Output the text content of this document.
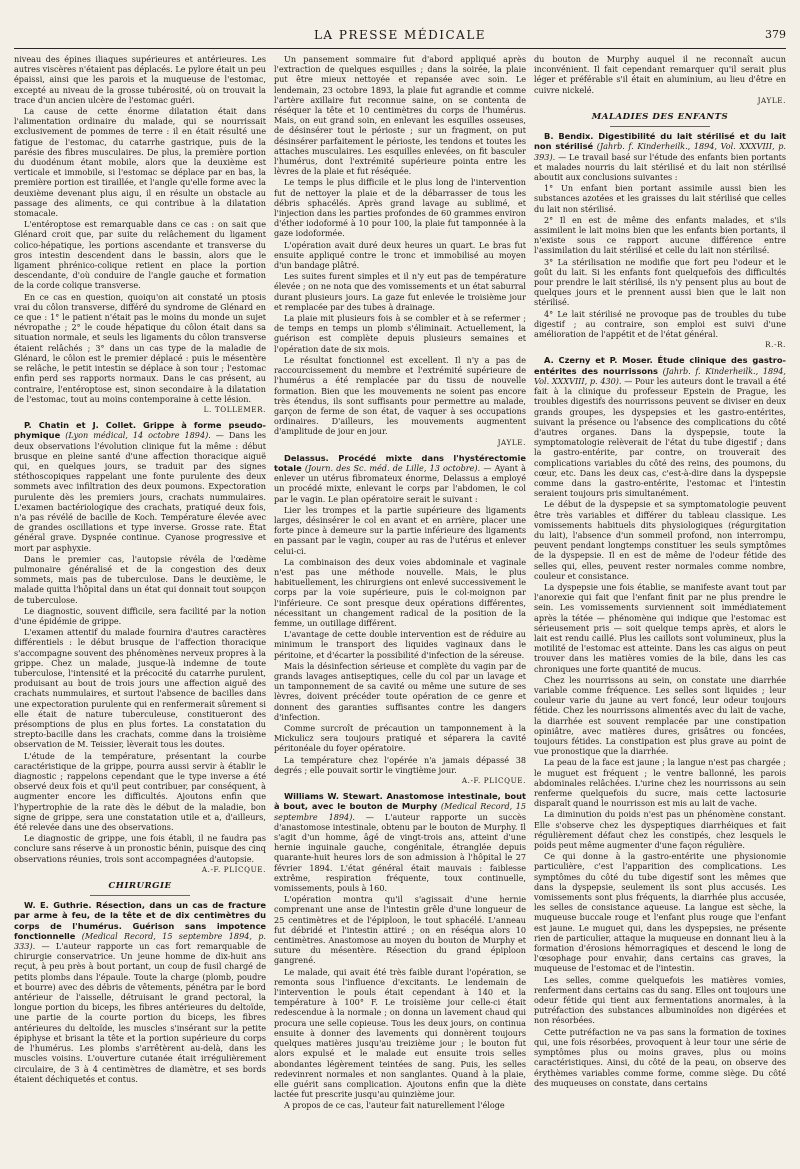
LA PRESSE MÉDICALE	379

niveau des épines iliaques supérieures et antérieures. Les autres viscères n'étaient pas déplacés. Le pylore était un peu épaissi, ainsi que les parois et la muqueuse de l'estomac, excepté au niveau de la grosse tubérosité, où on trouvait la trace d'un ancien ulcère de l'estomac guéri.

La cause de cette énorme dilatation était dans l'alimentation ordinaire du malade, qui se nourrissait exclusivement de pommes de terre : il en était résulté une fatigue de l'estomac, du catarrhe gastrique, puis de la parésie des fibres musculaires. De plus, la première portion du duodénum étant mobile, alors que la deuxième est verticale et immobile, si l'estomac se déplace par en bas, la première portion est tiraillée, et l'angle qu'elle forme avec la deuxième devenant plus aigu, il en résulte un obstacle au passage des aliments, ce qui contribue à la dilatation stomacale.

L'entéroptose est remarquable dans ce cas : on sait que Glénard croit que, par suite du relâchement du ligament colico-hépatique, les portions ascendante et transverse du gros intestin descendent dans le bassin, alors que le ligament phrénico-colique retient en place la portion descendante, d'où conduire de l'angle gauche et formation de la corde colique transverse.

En ce cas en question, quoiqu'on ait constaté un ptosis vrai du côlon transverse, différé du syndrome de Glénard en ce que : 1° le patient n'était pas le moins du monde un sujet névropathe ; 2° le coude hépatique du côlon était dans sa situation normale, et seuls les ligaments du côlon transverse étaient relâchés ; 3° dans un cas type de la maladie de Glénard, le côlon est le premier déplacé : puis le mésentère se relâche, le petit intestin se déplace à son tour ; l'estomac enfin perd ses rapports normaux. Dans le cas présent, au contraire, l'entéroptose est, sinon secondaire à la dilatation de l'estomac, tout au moins contemporaine à cette lésion.

L. TOLLEMER.

P. Chatin et J. Collet. Grippe à forme pseudo-phymique (Lyon médical, 14 octobre 1894). — Dans les deux observations l'évolution clinique fut la même : début brusque en pleine santé d'une affection thoracique aiguë qui, en quelques jours, se traduit par des signes stéthoscopiques rappelant une fonte purulente des deux sommets avec infiltration des deux poumons. Expectoration purulente dès les premiers jours, crachats nummulaires. L'examen bactériologique des crachats, pratiqué deux fois, n'a pas révélé de bacille de Koch. Température élevée avec de grandes oscillations et type inverse. Grosse rate. État général grave. Dyspnée continue. Cyanose progressive et mort par asphyxie.

Dans le premier cas, l'autopsie révéla de l'œdème pulmonaire généralisé et de la congestion des deux sommets, mais pas de tuberculose. Dans le deuxième, le malade quitta l'hôpital dans un état qui donnait tout soupçon de tuberculose.

Le diagnostic, souvent difficile, sera facilité par la notion d'une épidémie de grippe.

L'examen attentif du malade fournira d'autres caractères différentiels : le début brusque de l'affection thoracique s'accompagne souvent des phénomènes nerveux propres à la grippe. Chez un malade, jusque-là indemne de toute tuberculose, l'intensité et la précocité du catarrhe purulent, produisant au bout de trois jours une affection aiguë des crachats nummulaires, et surtout l'absence de bacilles dans une expectoration purulente qui en renfermerait sûrement si elle était de nature tuberculeuse, constitueront des présomptions de plus en plus fortes. La constatation du strepto-bacille dans les crachats, comme dans la troisième observation de M. Teissier, lèverait tous les doutes.

L'étude de la température, présentant la courbe caractéristique de la grippe, pourra aussi servir à établir le diagnostic ; rappelons cependant que le type inverse a été observé deux fois et qu'il peut contribuer, par conséquent, à augmenter encore les difficultés. Ajoutons enfin que l'hypertrophie de la rate dès le début de la maladie, bon signe de grippe, sera une constatation utile et a, d'ailleurs, été relevée dans une des observations.

Le diagnostic de grippe, une fois établi, il ne faudra pas conclure sans réserve à un pronostic bénin, puisque des cinq observations réunies, trois sont accompagnées d'autopsie.

A.-F. PLICQUE.
CHIRURGIE

W. E. Guthrie. Résection, dans un cas de fracture par arme à feu, de la tête et de dix centimètres du corps de l'humérus. Guérison sans impotence fonctionnelle (Medical Record, 15 septembre 1894, p. 333). — L'auteur rapporte un cas fort remarquable de chirurgie conservatrice. Un jeune homme de dix-huit ans reçut, à peu près à bout portant, un coup de fusil chargé de petits plombs dans l'épaule. Toute la charge (plomb, poudre et bourre) avec des débris de vêtements, pénétra par le bord antérieur de l'aisselle, détruisant le grand pectoral, la longue portion du biceps, les fibres antérieures du deltoïde, une partie de la courte portion du biceps, les fibres antérieures du deltoïde, les muscles s'insérant sur la petite épiphyse et brisant la tête et la portion supérieure du corps de l'humérus. Les plombs s'arrêtèrent au-delà, dans les muscles voisins. L'ouverture cutanée était irrégulièrement circulaire, de 3 à 4 centimètres de diamètre, et ses bords étaient déchiquetés et contus.

Un pansement sommaire fut d'abord appliqué après l'extraction de quelques esquilles ; dans la soirée, la plaie put être mieux nettoyée et repansée avec soin. Le lendemain, 23 octobre 1893, la plaie fut agrandie et comme l'artère axillaire fut reconnue saine, on se contenta de réséquer la tête et 10 centimètres du corps de l'humérus. Mais, on eut grand soin, en enlevant les esquilles osseuses, de désinsérer tout le périoste ; sur un fragment, on put désinsérer parfaitement le périoste, les tendons et toutes les attaches musculaires. Les esquilles enlevées, on fit basculer l'humérus, dont l'extrémité supérieure pointa entre les lèvres de la plaie et fut réséquée.

Le temps le plus difficile et le plus long de l'intervention fut de nettoyer la plaie et de la débarrasser de tous les débris sphacélés. Après grand lavage au sublimé, et l'injection dans les parties profondes de 60 grammes environ d'éther iodoformé à 10 pour 100, la plaie fut tamponnée à la gaze iodoformée.

L'opération avait duré deux heures un quart. Le bras fut ensuite appliqué contre le tronc et immobilisé au moyen d'un bandage plâtré.

Les suites furent simples et il n'y eut pas de température élevée ; on ne nota que des vomissements et un état saburral durant plusieurs jours. La gaze fut enlevée le troisième jour et remplacée par des tubes à drainage.

La plaie mit plusieurs fois à se combler et à se refermer ; de temps en temps un plomb s'éliminait. Actuellement, la guérison est complète depuis plusieurs semaines et l'opération date de six mois.

Le résultat fonctionnel est excellent. Il n'y a pas de raccourcissement du membre et l'extrémité supérieure de l'humérus a été remplacée par du tissu de nouvelle formation. Bien que les mouvements ne soient pas encore très étendus, ils sont suffisants pour permettre au malade, garçon de ferme de son état, de vaquer à ses occupations ordinaires. D'ailleurs, les mouvements augmentent d'amplitude de jour en jour.

JAYLE.

Delassus. Procédé mixte dans l'hystérectomie totale (Journ. des Sc. méd. de Lille, 13 octobre). — Ayant à enlever un utérus fibromateux énorme, Delassus a employé un procédé mixte, enlevant le corps par l'abdomen, le col par le vagin. Le plan opératoire serait le suivant :

Lier les trompes et la partie supérieure des ligaments larges, désinsérer le col en avant et en arrière, placer une forte pince à demeure sur la partie inférieure des ligaments en passant par le vagin, couper au ras de l'utérus et enlever celui-ci.

La combinaison des deux voies abdominale et vaginale n'est pas une méthode nouvelle. Mais, le plus habituellement, les chirurgiens ont enlevé successivement le corps par la voie supérieure, puis le col-moignon par l'inférieure. Ce sont presque deux opérations différentes, nécessitant un changement radical de la position de la femme, un outillage différent.

L'avantage de cette double intervention est de réduire au minimum le transport des liquides vaginaux dans le péritoine, et d'écarter la possibilité d'infection de la séreuse.

Mais la désinfection sérieuse et complète du vagin par de grands lavages antiseptiques, celle du col par un lavage et un tamponnement de sa cavité ou même une suture de ses lèvres, doivent précéder toute opération de ce genre et donnent des garanties suffisantes contre les dangers d'infection.

Comme surcroît de précaution un tamponnement à la Mickulicz sera toujours pratiqué et séparera la cavité péritonéale du foyer opératoire.

La température chez l'opérée n'a jamais dépassé 38 degrés ; elle pouvait sortir le vingtième jour.

A.-F. PLICQUE.

Williams W. Stewart. Anastomose intestinale, bout à bout, avec le bouton de Murphy (Medical Record, 15 septembre 1894). — L'auteur rapporte un succès d'anastomose intestinale, obtenu par le bouton de Murphy. Il s'agit d'un homme, âgé de vingt-trois ans, atteint d'une hernie inguinale gauche, congénitale, étranglée depuis quarante-huit heures lors de son admission à l'hôpital le 27 février 1894. L'état général était mauvais : faiblesse extrême, respiration fréquente, toux continuelle, vomissements, pouls à 160.

L'opération montra qu'il s'agissait d'une hernie comprenant une anse de l'intestin grêle d'une longueur de 25 centimètres et de l'épiploon, le tout sphacélé. L'anneau fut débridé et l'intestin attiré ; on en réséqua alors 10 centimètres. Anastomose au moyen du bouton de Murphy et suture du mésentère. Résection du grand épiploon gangrené.

Le malade, qui avait été très faible durant l'opération, se remonta sous l'influence d'excitants. Le lendemain de l'intervention le pouls était cependant à 140 et la température à 100° F. Le troisième jour celle-ci était redescendue à la normale ; on donna un lavement chaud qui procura une selle copieuse. Tous les deux jours, on continua ensuite à donner des lavements qui donnèrent toujours quelques matières jusqu'au treizième jour ; le bouton fut alors expulsé et le malade eut ensuite trois selles abondantes légèrement teintées de sang. Puis, les selles redevinrent normales et non sanglantes. Quand à la plaie, elle guérit sans complication. Ajoutons enfin que la diète lactée fut prescrite jusqu'au quinzième jour.

A propos de ce cas, l'auteur fait naturellement l'éloge

du bouton de Murphy auquel il ne reconnaît aucun inconvénient. Il fait cependant remarquer qu'il serait plus léger et préférable s'il était en aluminium, au lieu d'être en cuivre nickelé.

JAYLE.
MALADIES DES ENFANTS

B. Bendix. Digestibilité du lait stérilisé et du lait non stérilisé (Jahrb. f. Kinderheilk., 1894, Vol. XXXVIII, p. 393). — Le travail basé sur l'étude des enfants bien portants et malades nourris du lait stérilisé et du lait non stérilisé aboutit aux conclusions suivantes :

1° Un enfant bien portant assimile aussi bien les substances azotées et les graisses du lait stérilisé que celles du lait non stérilisé.

2° Il en est de même des enfants malades, et s'ils assimilent le lait moins bien que les enfants bien portants, il n'existe sous ce rapport aucune différence entre l'assimilation du lait stérilisé et celle du lait non stérilisé.

3° La stérilisation ne modifie que fort peu l'odeur et le goût du lait. Si les enfants font quelquefois des difficultés pour prendre le lait stérilisé, ils n'y pensent plus au bout de quelques jours et le prennent aussi bien que le lait non stérilisé.

4° Le lait stérilisé ne provoque pas de troubles du tube digestif ; au contraire, son emploi est suivi d'une amélioration de l'appétit et de l'état général.

R.-R.

A. Czerny et P. Moser. Étude clinique des gastro-entérites des nourrissons (Jahrb. f. Kinderheilk., 1894, Vol. XXXVIII, p. 430). — Pour les auteurs dont le travail a été fait à la clinique du professeur Epstein de Prague, les troubles digestifs des nourrissons peuvent se diviser en deux grands groupes, les dyspepsies et les gastro-entérites, suivant la présence ou l'absence des complications du côté d'autres organes. Dans la dyspepsie, toute la symptomatologie relèverait de l'état du tube digestif ; dans la gastro-entérite, par contre, on trouverait des complications variables du côté des reins, des poumons, du cœur, etc. Dans les deux cas, c'est-à-dire dans la dyspepsie comme dans la gastro-entérite, l'estomac et l'intestin seraient toujours pris simultanément.

Le début de la dyspepsie et sa symptomatologie peuvent être très variables et différer du tableau classique. Les vomissements habituels dits physiologiques (régurgitation du lait), l'absence d'un sommeil profond, non interrompu, peuvent pendant longtemps constituer les seuls symptômes de la dyspepsie. Il en est de même de l'odeur fétide des selles qui, elles, peuvent rester normales comme nombre, couleur et consistance.

La dyspepsie une fois établie, se manifeste avant tout par l'anorexie qui fait que l'enfant finit par ne plus prendre le sein. Les vomissements surviennent soit immédiatement après la tétée — phénomène qui indique que l'estomac est sérieusement pris — soit quelque temps après, et alors le lait est rendu caillé. Plus les caillots sont volumineux, plus la motilité de l'estomac est atteinte. Dans les cas aigus on peut trouver dans les matières vomies de la bile, dans les cas chroniques une forte quantité de mucus.

Chez les nourrissons au sein, on constate une diarrhée variable comme fréquence. Les selles sont liquides ; leur couleur varie du jaune au vert foncé, leur odeur toujours fétide. Chez les nourrissons alimentés avec du lait de vache, la diarrhée est souvent remplacée par une constipation opiniâtre, avec matières dures, grisâtres ou foncées, toujours fétides. La constipation est plus grave au point de vue pronostique que la diarrhée.

La peau de la face est jaune ; la langue n'est pas chargée ; le muguet est fréquent ; le ventre ballonné, les parois abdominales relâchées. L'urine chez les nourrissons au sein renferme quelquefois du sucre, mais cette lactosurie disparaît quand le nourrisson est mis au lait de vache.

La diminution du poids n'est pas un phénomène constant. Elle s'observe chez les dyspeptiques diarrhéiques et fait régulièrement défaut chez les constipés, chez lesquels le poids peut même augmenter d'une façon régulière.

Ce qui donne à la gastro-entérite une physionomie particulière, c'est l'apparition des complications. Les symptômes du côté du tube digestif sont les mêmes que dans la dyspepsie, seulement ils sont plus accusés. Les vomissements sont plus fréquents, la diarrhée plus accusée, les selles de consistance aqueuse. La langue est sèche, la muqueuse buccale rouge et l'enfant plus rouge que l'enfant est jaune. Le muguet qui, dans les dyspepsies, ne présente rien de particulier, attaque la muqueuse en donnant lieu à la formation d'érosions hémorragiques et descend le long de l'œsophage pour envahir, dans certains cas graves, la muqueuse de l'estomac et de l'intestin.

Les selles, comme quelquefois les matières vomies, renferment dans certains cas du sang. Elles ont toujours une odeur fétide qui tient aux fermentations anormales, à la putréfaction des substances albuminoïdes non digérées et non résorbées.

Cette putréfaction ne va pas sans la formation de toxines qui, une fois résorbées, provoquent à leur tour une série de symptômes plus ou moins graves, plus ou moins caractéristiques. Ainsi, du côté de la peau, on observe des érythèmes variables comme forme, comme siège. Du côté des muqueuses on constate, dans certains
